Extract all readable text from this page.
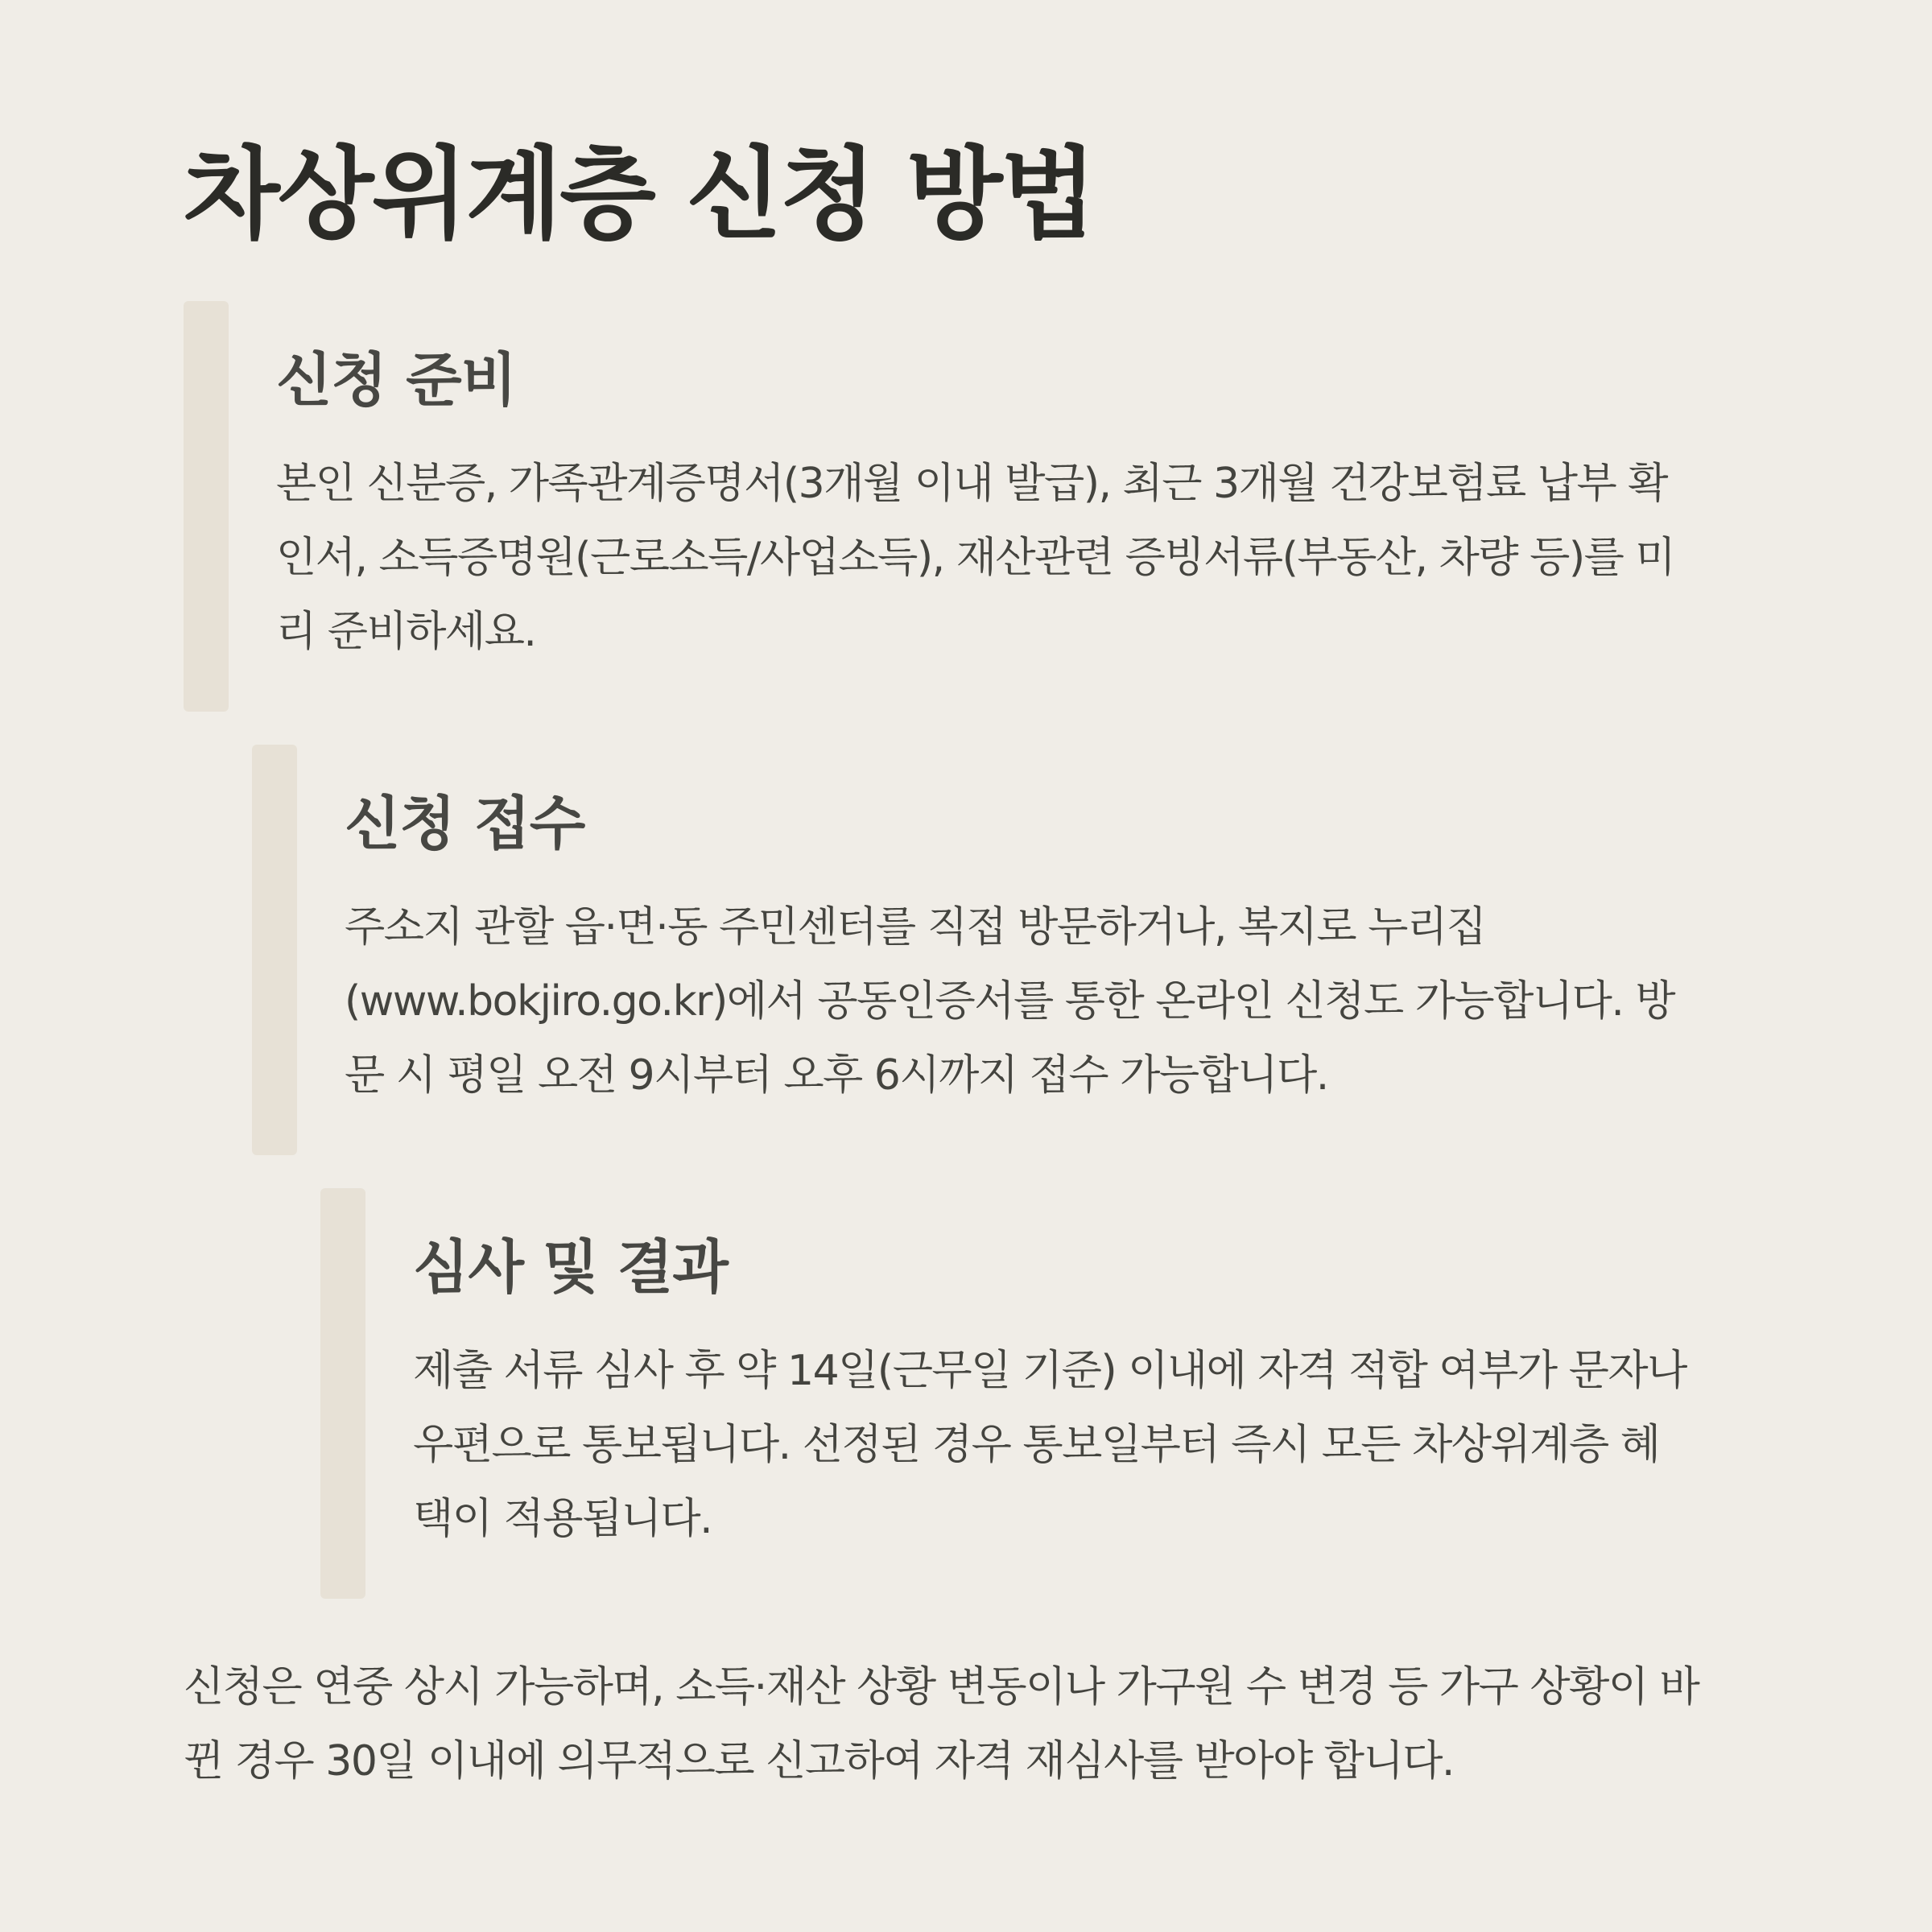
차상위계층 신청 방법
신청 준비

본인 신분증, 가족관계증명서(3개월 이내 발급), 최근 3개월 건강보험료 납부 확
인서, 소득증명원(근로소득/사업소득), 재산관련 증빙서류(부동산, 차량 등)를 미
리 준비하세요.

신청 접수

주소지 관할 읍·면·동 주민센터를 직접 방문하거나, 복지로 누리집
(www.bokjiro.go.kr)에서 공동인증서를 통한 온라인 신청도 가능합니다. 방
문 시 평일 오전 9시부터 오후 6시까지 접수 가능합니다.

심사 및 결과

제출 서류 심사 후 약 14일(근무일 기준) 이내에 자격 적합 여부가 문자나
우편으로 통보됩니다. 선정된 경우 통보일부터 즉시 모든 차상위계층 혜
택이 적용됩니다.

신청은 연중 상시 가능하며, 소득·재산 상황 변동이나 가구원 수 변경 등 가구 상황이 바
뀐 경우 30일 이내에 의무적으로 신고하여 자격 재심사를 받아야 합니다.
